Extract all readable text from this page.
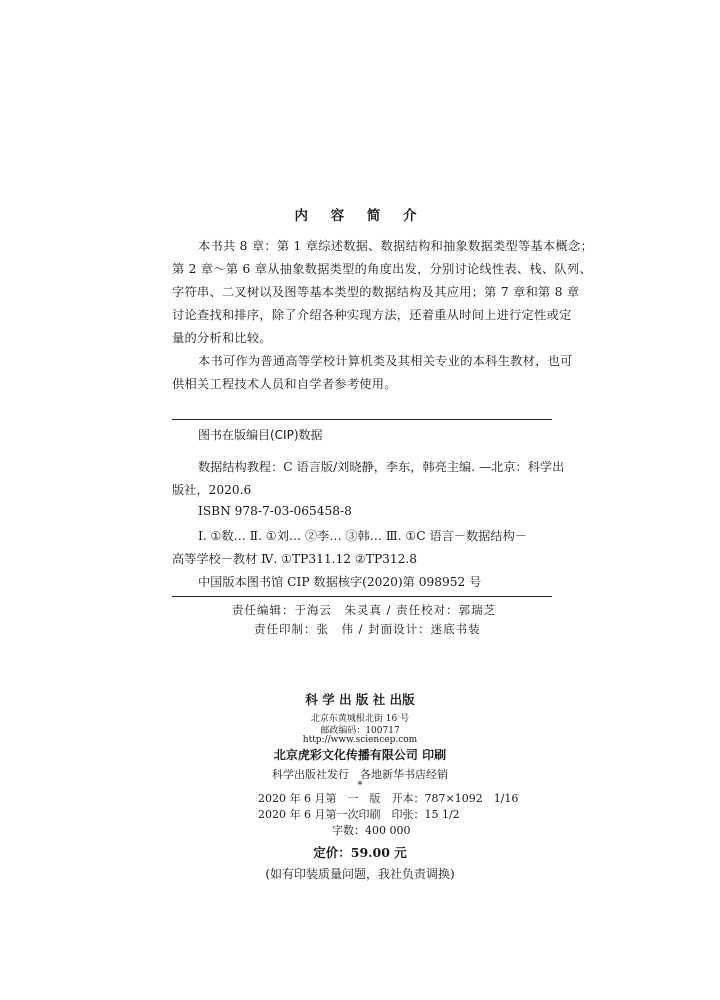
内 容 简 介
本书共 8 章：第 1 章综述数据、数据结构和抽象数据类型等基本概念；
第 2 章～第 6 章从抽象数据类型的角度出发，分别讨论线性表、栈、队列、
字符串、二叉树以及图等基本类型的数据结构及其应用；第 7 章和第 8 章
讨论查找和排序，除了介绍各种实现方法，还着重从时间上进行定性或定
量的分析和比较。
本书可作为普通高等学校计算机类及其相关专业的本科生教材，也可
供相关工程技术人员和自学者参考使用。
图书在版编目(CIP)数据
数据结构教程：C 语言版/刘晓静，李东，韩亮主编. —北京：科学出
版社，2020.6
ISBN 978-7-03-065458-8
Ⅰ. ①数… Ⅱ. ①刘… ②李… ③韩… Ⅲ. ①C 语言－数据结构－
高等学校－教材 Ⅳ. ①TP311.12 ②TP312.8
中国版本图书馆 CIP 数据核字(2020)第 098952 号
责任编辑：于海云　朱灵真 / 责任校对：郭瑞芝
责任印制：张　伟 / 封面设计：迷底书装
科 学 出 版 社 出版
北京东黄城根北街 16 号
邮政编码：100717
http://www.sciencep.com
北京虎彩文化传播有限公司 印刷
科学出版社发行　各地新华书店经销
*
2020 年 6 月第　一　版　开本：787×1092　1/16
2020 年 6 月第一次印刷　印张：15 1/2
字数：400 000
定价：59.00 元
(如有印装质量问题，我社负责调换)
